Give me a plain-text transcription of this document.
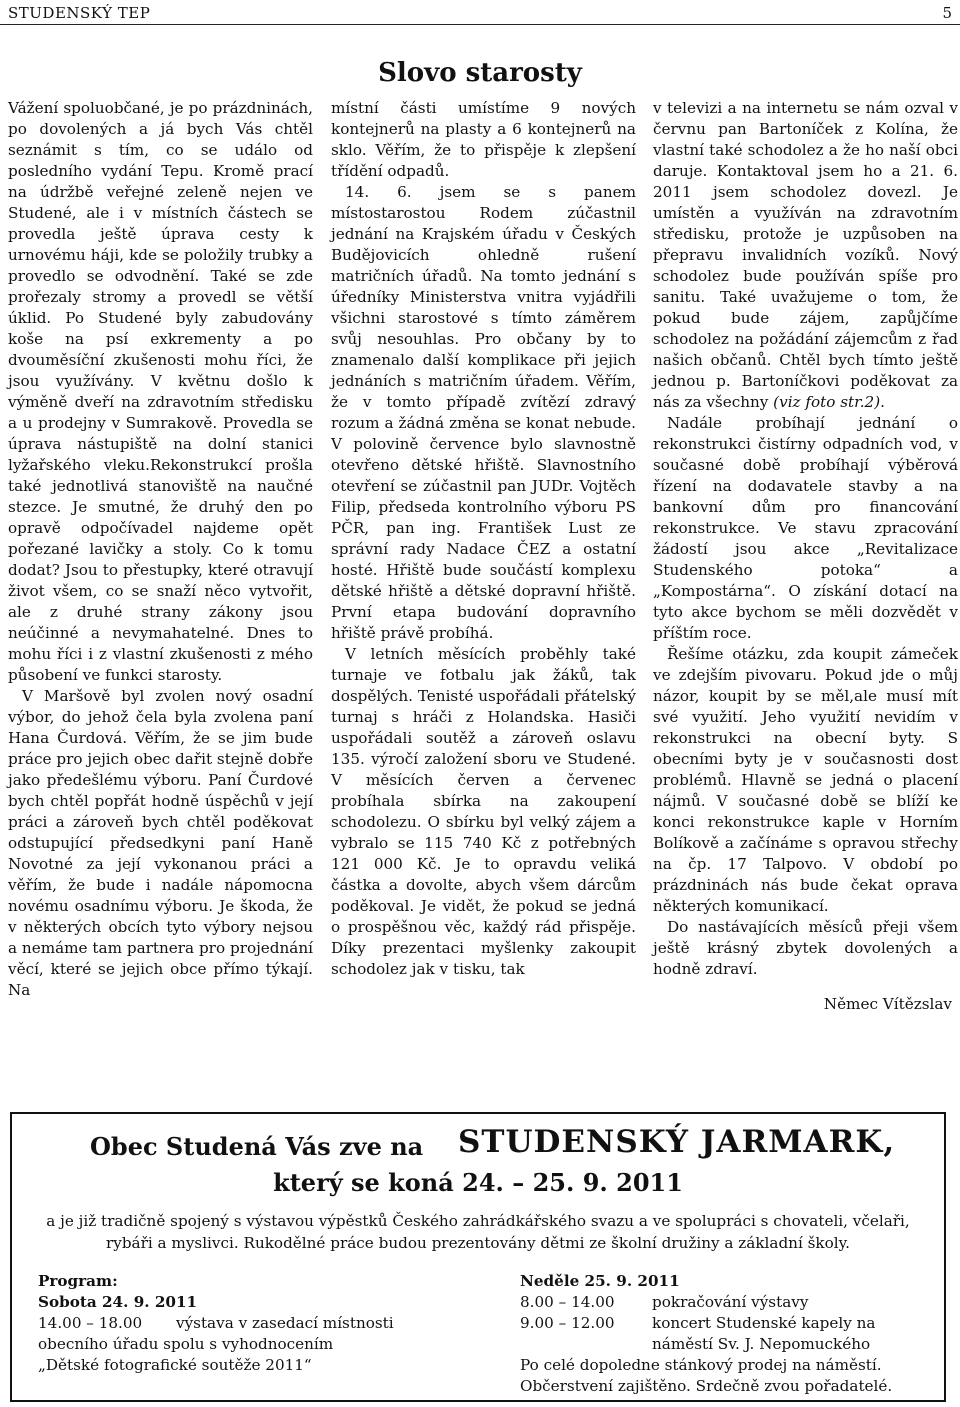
STUDENSKÝ TEP	5
Slovo starosty

Vážení spoluobčané, je po prázdninách, po dovolených a já bych Vás chtěl seznámit s tím, co se událo od posledního vydání Tepu. Kromě prací na údržbě veřejné zeleně nejen ve Studené, ale i v místních částech se provedla ještě úprava cesty k urnovému háji, kde se položily trubky a provedlo se odvodnění. Také se zde prořezaly stromy a provedl se větší úklid. Po Studené byly zabudovány koše na psí exkrementy a po dvouměsíční zkušenosti mohu říci, že jsou využívány. V květnu došlo k výměně dveří na zdravotním středisku a u prodejny v Sumrakově. Provedla se úprava nástupiště na dolní stanici lyžařského vleku.Rekonstrukcí prošla také jednotlivá stanoviště na naučné stezce. Je smutné, že druhý den po opravě odpočívadel najdeme opět pořezané lavičky a stoly. Co k tomu dodat? Jsou to přestupky, které otravují život všem, co se snaží něco vytvořit, ale z druhé strany zákony jsou neúčinné a nevymahatelné. Dnes to mohu říci i z vlastní zkušenosti z mého působení ve funkci starosty.

V Maršově byl zvolen nový osadní výbor, do jehož čela byla zvolena paní Hana Čurdová. Věřím, že se jim bude práce pro jejich obec dařit stejně dobře jako předešlému výboru. Paní Čurdové bych chtěl popřát hodně úspěchů v její práci a zároveň bych chtěl poděkovat odstupující předsedkyni paní Haně Novotné za její vykonanou práci a věřím, že bude i nadále nápomocna novému osadnímu výboru. Je škoda, že v některých obcích tyto výbory nejsou a nemáme tam partnera pro projednání věcí, které se jejich obce přímo týkají. Na

místní části umístíme 9 nových kontejnerů na plasty a 6 kontejnerů na sklo. Věřím, že to přispěje k zlepšení třídění odpadů.

14. 6. jsem se s panem místostarostou Rodem zúčastnil jednání na Krajském úřadu v Českých Budějovicích ohledně rušení matričních úřadů. Na tomto jednání s úředníky Ministerstva vnitra vyjádřili všichni starostové s tímto záměrem svůj nesouhlas. Pro občany by to znamenalo další komplikace při jejich jednáních s matričním úřadem. Věřím, že v tomto případě zvítězí zdravý rozum a žádná změna se konat nebude. V polovině července bylo slavnostně otevřeno dětské hřiště. Slavnostního otevření se zúčastnil pan JUDr. Vojtěch Filip, předseda kontrolního výboru PS PČR, pan ing. František Lust ze správní rady Nadace ČEZ a ostatní hosté. Hřiště bude součástí komplexu dětské hřiště a dětské dopravní hřiště. První etapa budování dopravního hřiště právě probíhá.

V letních měsících proběhly také turnaje ve fotbalu jak žáků, tak dospělých. Tenisté uspořádali přátelský turnaj s hráči z Holandska. Hasiči uspořádali soutěž a zároveň oslavu 135. výročí založení sboru ve Studené. V měsících červen a červenec probíhala sbírka na zakoupení schodolezu. O sbírku byl velký zájem a vybralo se 115 740 Kč z potřebných 121 000 Kč. Je to opravdu veliká částka a dovolte, abych všem dárcům poděkoval. Je vidět, že pokud se jedná o prospěšnou věc, každý rád přispěje. Díky prezentaci myšlenky zakoupit schodolez jak v tisku, tak

v televizi a na internetu se nám ozval v červnu pan Bartoníček z Kolína, že vlastní také schodolez a že ho naší obci daruje. Kontaktoval jsem ho a 21. 6. 2011 jsem schodolez dovezl. Je umístěn a využíván na zdravotním středisku, protože je uzpůsoben na přepravu invalidních vozíků. Nový schodolez bude používán spíše pro sanitu. Také uvažujeme o tom, že pokud bude zájem, zapůjčíme schodolez na požádání zájemcům z řad našich občanů. Chtěl bych tímto ještě jednou p. Bartoníčkovi poděkovat za nás za všechny (viz foto str.2).

Nadále probíhají jednání o rekonstrukci čistírny odpadních vod, v současné době probíhají výběrová řízení na dodavatele stavby a na bankovní dům pro financování rekonstrukce. Ve stavu zpracování žádostí jsou akce „Revitalizace Studenského potoka“ a „Kompostárna“. O získání dotací na tyto akce bychom se měli dozvědět v příštím roce.

Řešíme otázku, zda koupit zámeček ve zdejším pivovaru. Pokud jde o můj názor, koupit by se měl,ale musí mít své využití. Jeho využití nevidím v rekonstrukci na obecní byty. S obecními byty je v současnosti dost problémů. Hlavně se jedná o placení nájmů. V současné době se blíží ke konci rekonstrukce kaple v Horním Bolíkově a začínáme s opravou střechy na čp. 17 Talpovo. V období po prázdninách nás bude čekat oprava některých komunikací.

Do nastávajících měsíců přeji všem ještě krásný zbytek dovolených a hodně zdraví.

Němec Vítězslav
Obec Studená Vás zve na STUDENSKÝ JARMARK,
který se koná 24. – 25. 9. 2011
a je již tradičně spojený s výstavou výpěstků Českého zahrádkářského svazu a ve spolupráci s chovateli, včelaři, rybáři a myslivci. Rukodělné práce budou prezentovány dětmi ze školní družiny a základní školy.
Program:
Sobota 24. 9. 2011
14.00 – 18.00 výstava v zasedací místnosti
obecního úřadu spolu s vyhodnocením
„Dětské fotografické soutěže 2011“
Neděle 25. 9. 2011
8.00 – 14.00 pokračování výstavy
9.00 – 12.00 koncert Studenské kapely na
náměstí Sv. J. Nepomuckého
Po celé dopoledne stánkový prodej na náměstí.
Občerstvení zajištěno. Srdečně zvou pořadatelé.
